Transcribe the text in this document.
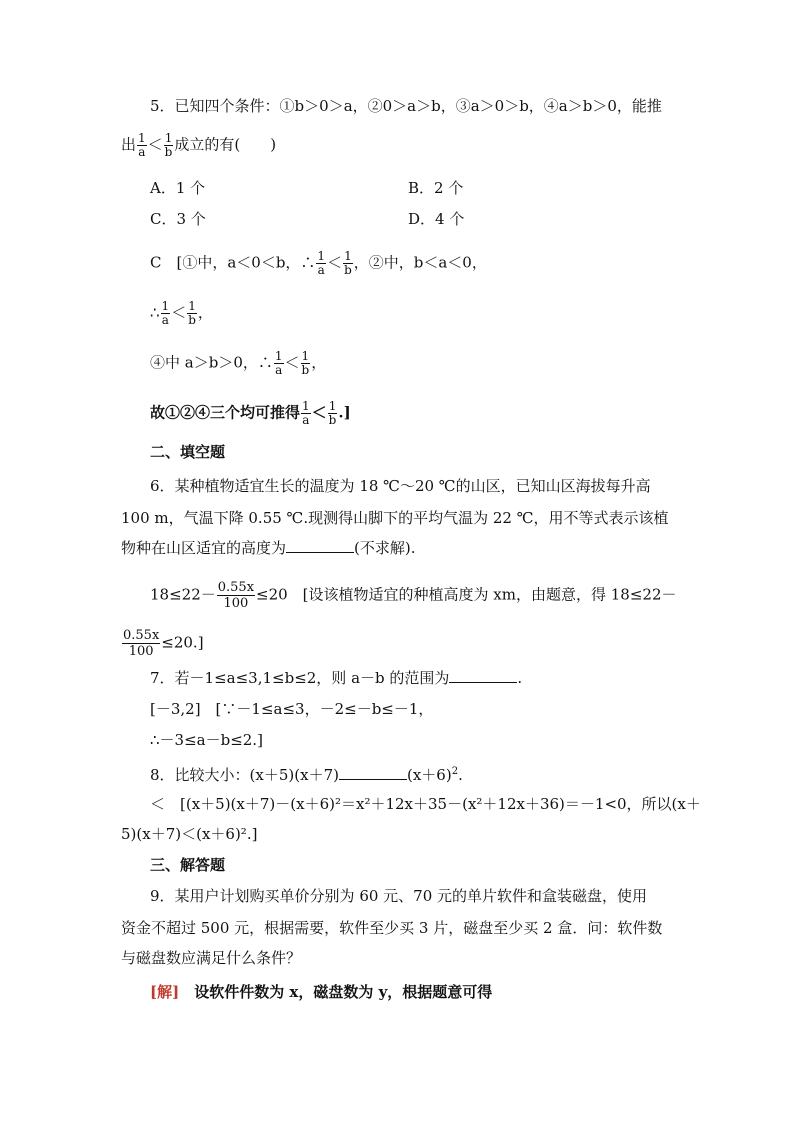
5．已知四个条件：①b＞0＞a，②0＞a＞b，③a＞0＞b，④a＞b＞0，能推
出 $\frac{1}{a} < \frac{1}{b}$ 成立的有(　　)
A．1 个	B．2 个
C．3 个	D．4 个
C　[①中，a＜0＜b，∴ $\frac{1}{a} < \frac{1}{b}$ ，②中，b＜a＜0，
∴ $\frac{1}{a} < \frac{1}{b}$ ，
④中 a＞b＞0，∴ $\frac{1}{a} < \frac{1}{b}$ ，
故①②④三个均可推得 $\frac{1}{a} < \frac{1}{b}$ .]
二、填空题
6．某种植物适宜生长的温度为 18 ℃～20 ℃的山区，已知山区海拔每升高
100 m，气温下降 0.55 ℃.现测得山脚下的平均气温为 22 ℃，用不等式表示该植
物种在山区适宜的高度为	(不求解).
$18\le 22- \frac{0.55x}{100} \le 20$　[设该植物适宜的种植高度为 xm，由题意，得 18≤22－
$\frac{0.55x}{100} \le 20$.]
7．若－1≤a≤3,1≤b≤2，则 a－b 的范围为	.
[－3,2]　[∵－1≤a≤3，－2≤－b≤－1，
∴－3≤a－b≤2.]
8．比较大小：(x＋5)(x＋7)	$(x+6)^2$.
＜　[(x＋5)(x＋7)－(x＋6)²＝x²＋12x＋35－(x²＋12x＋36)＝－1<0，所以(x＋
5)(x＋7)＜(x＋6)².]
三、解答题
9．某用户计划购买单价分别为 60 元、70 元的单片软件和盒装磁盘，使用
资金不超过 500 元，根据需要，软件至少买 3 片，磁盘至少买 2 盒．问：软件数
与磁盘数应满足什么条件？
[解]　设软件件数为 x，磁盘数为 y，根据题意可得
